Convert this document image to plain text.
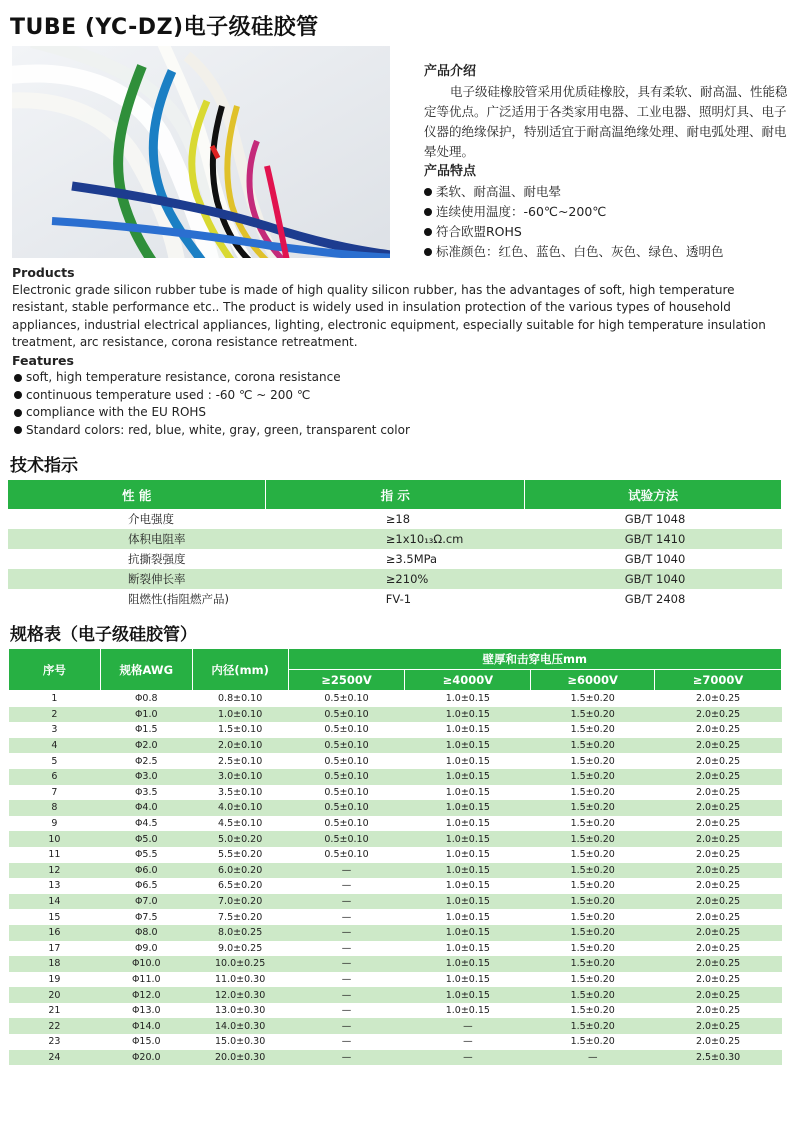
TUBE (YC-DZ)电子级硅胶管
产品介绍
电子级硅橡胶管采用优质硅橡胶，具有柔软、耐高温、性能稳定等优点。广泛适用于各类家用电器、工业电器、照明灯具、电子仪器的绝缘保护，特别适宜于耐高温绝缘处理、耐电弧处理、耐电晕处理。
产品特点
柔软、耐高温、耐电晕
连续使用温度：-60℃~200℃
符合欧盟ROHS
标准颜色：红色、蓝色、白色、灰色、绿色、透明色
Products
Electronic grade silicon rubber tube is made of high quality silicon rubber, has the advantages of soft, high temperature resistant, stable performance etc.. The product is widely used in insulation protection of the various types of household appliances, industrial electrical appliances, lighting, electronic equipment, especially suitable for high temperature insulation treatment, arc resistance, corona resistance retreatment.
Features
soft, high temperature resistance, corona resistance
continuous temperature used : -60 ℃ ~ 200 ℃
compliance with the EU ROHS
Standard colors: red, blue, white, gray, green, transparent color
技术指示
性 能	指 示	试验方法
介电强度	≥18	GB/T 1048
体积电阻率	≥1x10₁₃Ω.cm	GB/T 1410
抗撕裂强度	≥3.5MPa	GB/T 1040
断裂伸长率	≥210%	GB/T 1040
阻燃性(指阻燃产品)	FV-1	GB/T 2408
规格表（电子级硅胶管）
序号	规格AWG	内径(mm)	壁厚和击穿电压mm			
			≥2500V	≥4000V	≥6000V	≥7000V
1	Φ0.8	0.8±0.10	0.5±0.10	1.0±0.15	1.5±0.20	2.0±0.25
2	Φ1.0	1.0±0.10	0.5±0.10	1.0±0.15	1.5±0.20	2.0±0.25
3	Φ1.5	1.5±0.10	0.5±0.10	1.0±0.15	1.5±0.20	2.0±0.25
4	Φ2.0	2.0±0.10	0.5±0.10	1.0±0.15	1.5±0.20	2.0±0.25
5	Φ2.5	2.5±0.10	0.5±0.10	1.0±0.15	1.5±0.20	2.0±0.25
6	Φ3.0	3.0±0.10	0.5±0.10	1.0±0.15	1.5±0.20	2.0±0.25
7	Φ3.5	3.5±0.10	0.5±0.10	1.0±0.15	1.5±0.20	2.0±0.25
8	Φ4.0	4.0±0.10	0.5±0.10	1.0±0.15	1.5±0.20	2.0±0.25
9	Φ4.5	4.5±0.10	0.5±0.10	1.0±0.15	1.5±0.20	2.0±0.25
10	Φ5.0	5.0±0.20	0.5±0.10	1.0±0.15	1.5±0.20	2.0±0.25
11	Φ5.5	5.5±0.20	0.5±0.10	1.0±0.15	1.5±0.20	2.0±0.25
12	Φ6.0	6.0±0.20	—	1.0±0.15	1.5±0.20	2.0±0.25
13	Φ6.5	6.5±0.20	—	1.0±0.15	1.5±0.20	2.0±0.25
14	Φ7.0	7.0±0.20	—	1.0±0.15	1.5±0.20	2.0±0.25
15	Φ7.5	7.5±0.20	—	1.0±0.15	1.5±0.20	2.0±0.25
16	Φ8.0	8.0±0.25	—	1.0±0.15	1.5±0.20	2.0±0.25
17	Φ9.0	9.0±0.25	—	1.0±0.15	1.5±0.20	2.0±0.25
18	Φ10.0	10.0±0.25	—	1.0±0.15	1.5±0.20	2.0±0.25
19	Φ11.0	11.0±0.30	—	1.0±0.15	1.5±0.20	2.0±0.25
20	Φ12.0	12.0±0.30	—	1.0±0.15	1.5±0.20	2.0±0.25
21	Φ13.0	13.0±0.30	—	1.0±0.15	1.5±0.20	2.0±0.25
22	Φ14.0	14.0±0.30	—	—	1.5±0.20	2.0±0.25
23	Φ15.0	15.0±0.30	—	—	1.5±0.20	2.0±0.25
24	Φ20.0	20.0±0.30	—	—	—	2.5±0.30
